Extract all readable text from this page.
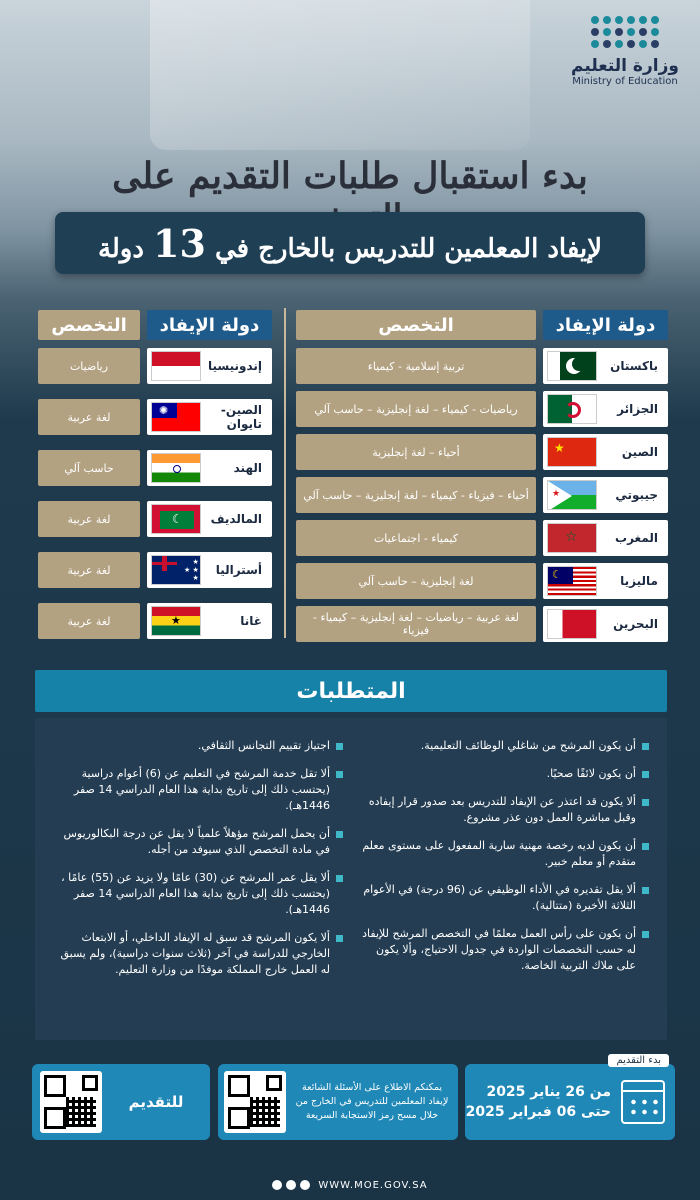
وزارة التعليم
Ministry of Education
بدء استقبال طلبات التقديم على
لإيفاد المعلمين للتدريس بالخارج في 13 دولة
دولة الإيفاد
التخصص
دولة الإيفاد
التخصص
باكستان
تربية إسلامية - كيمياء
الجزائر
رياضيات - كيمياء – لغة إنجليزية – حاسب آلي
الصين
★
أحياء – لغة إنجليزية
جيبوتي
★
أحياء – فيزياء - كيمياء – لغة إنجليزية – حاسب آلي
المغرب
☆
كيمياء - اجتماعيات
ماليزيا
☾
لغة إنجليزية – حاسب آلي
البحرين
لغة عربية – رياضيات – لغة إنجليزية – كيمياء - فيزياء
إندونيسيا
رياضيات
الصين-تايوان
✺
لغة عربية
الهند
حاسب آلي
المالديف
☾
لغة عربية
أستراليا
★
★ ★
★
لغة عربية
غانا
★
لغة عربية
المتطلبات
أن يكون المرشح من شاغلي الوظائف التعليمية.
أن يكون لائقًا صحيًا.
ألا يكون قد اعتذر عن الإيفاد للتدريس بعد صدور قرار إيفاده وقبل مباشرة العمل دون عذر مشروع.
أن يكون لديه رخصة مهنية سارية المفعول على مستوى معلم متقدم أو معلم خبير.
ألا يقل تقديره في الأداء الوظيفي عن (96 درجة) في الأعوام الثلاثة الأخيرة (متتالية).
أن يكون على رأس العمل معلمًا في التخصص المرشح للإيفاد له حسب التخصصات الواردة في جدول الاحتياج، وألا يكون على ملاك التربية الخاصة.
اجتياز تقييم التجانس الثقافي.
ألا تقل خدمة المرشح في التعليم عن (6) أعوام دراسية (يحتسب ذلك إلى تاريخ بداية هذا العام الدراسي 14 صفر 1446هـ).
أن يحمل المرشح مؤهلاً علمياً لا يقل عن درجة البكالوريوس في مادة التخصص الذي سيوفد من أجله.
ألا يقل عمر المرشح عن (30) عامًا ولا يزيد عن (55) عامًا ، (يحتسب ذلك إلى تاريخ بداية هذا العام الدراسي 14 صفر 1446هـ).
ألا يكون المرشح قد سبق له الإيفاد الداخلي، أو الابتعاث الخارجي للدراسة في آخر (ثلاث سنوات دراسية)، ولم يسبق له العمل خارج المملكة موفدًا من وزارة التعليم.
بدء التقديم
من 26 يناير 2025
حتى 06 فبراير 2025
يمكنكم الاطلاع على الأسئلة الشائعة لإيفاد المعلمين للتدريس في الخارج من خلال مسح رمز الاستجابة السريعة
للتقديم
WWW.MOE.GOV.SA
